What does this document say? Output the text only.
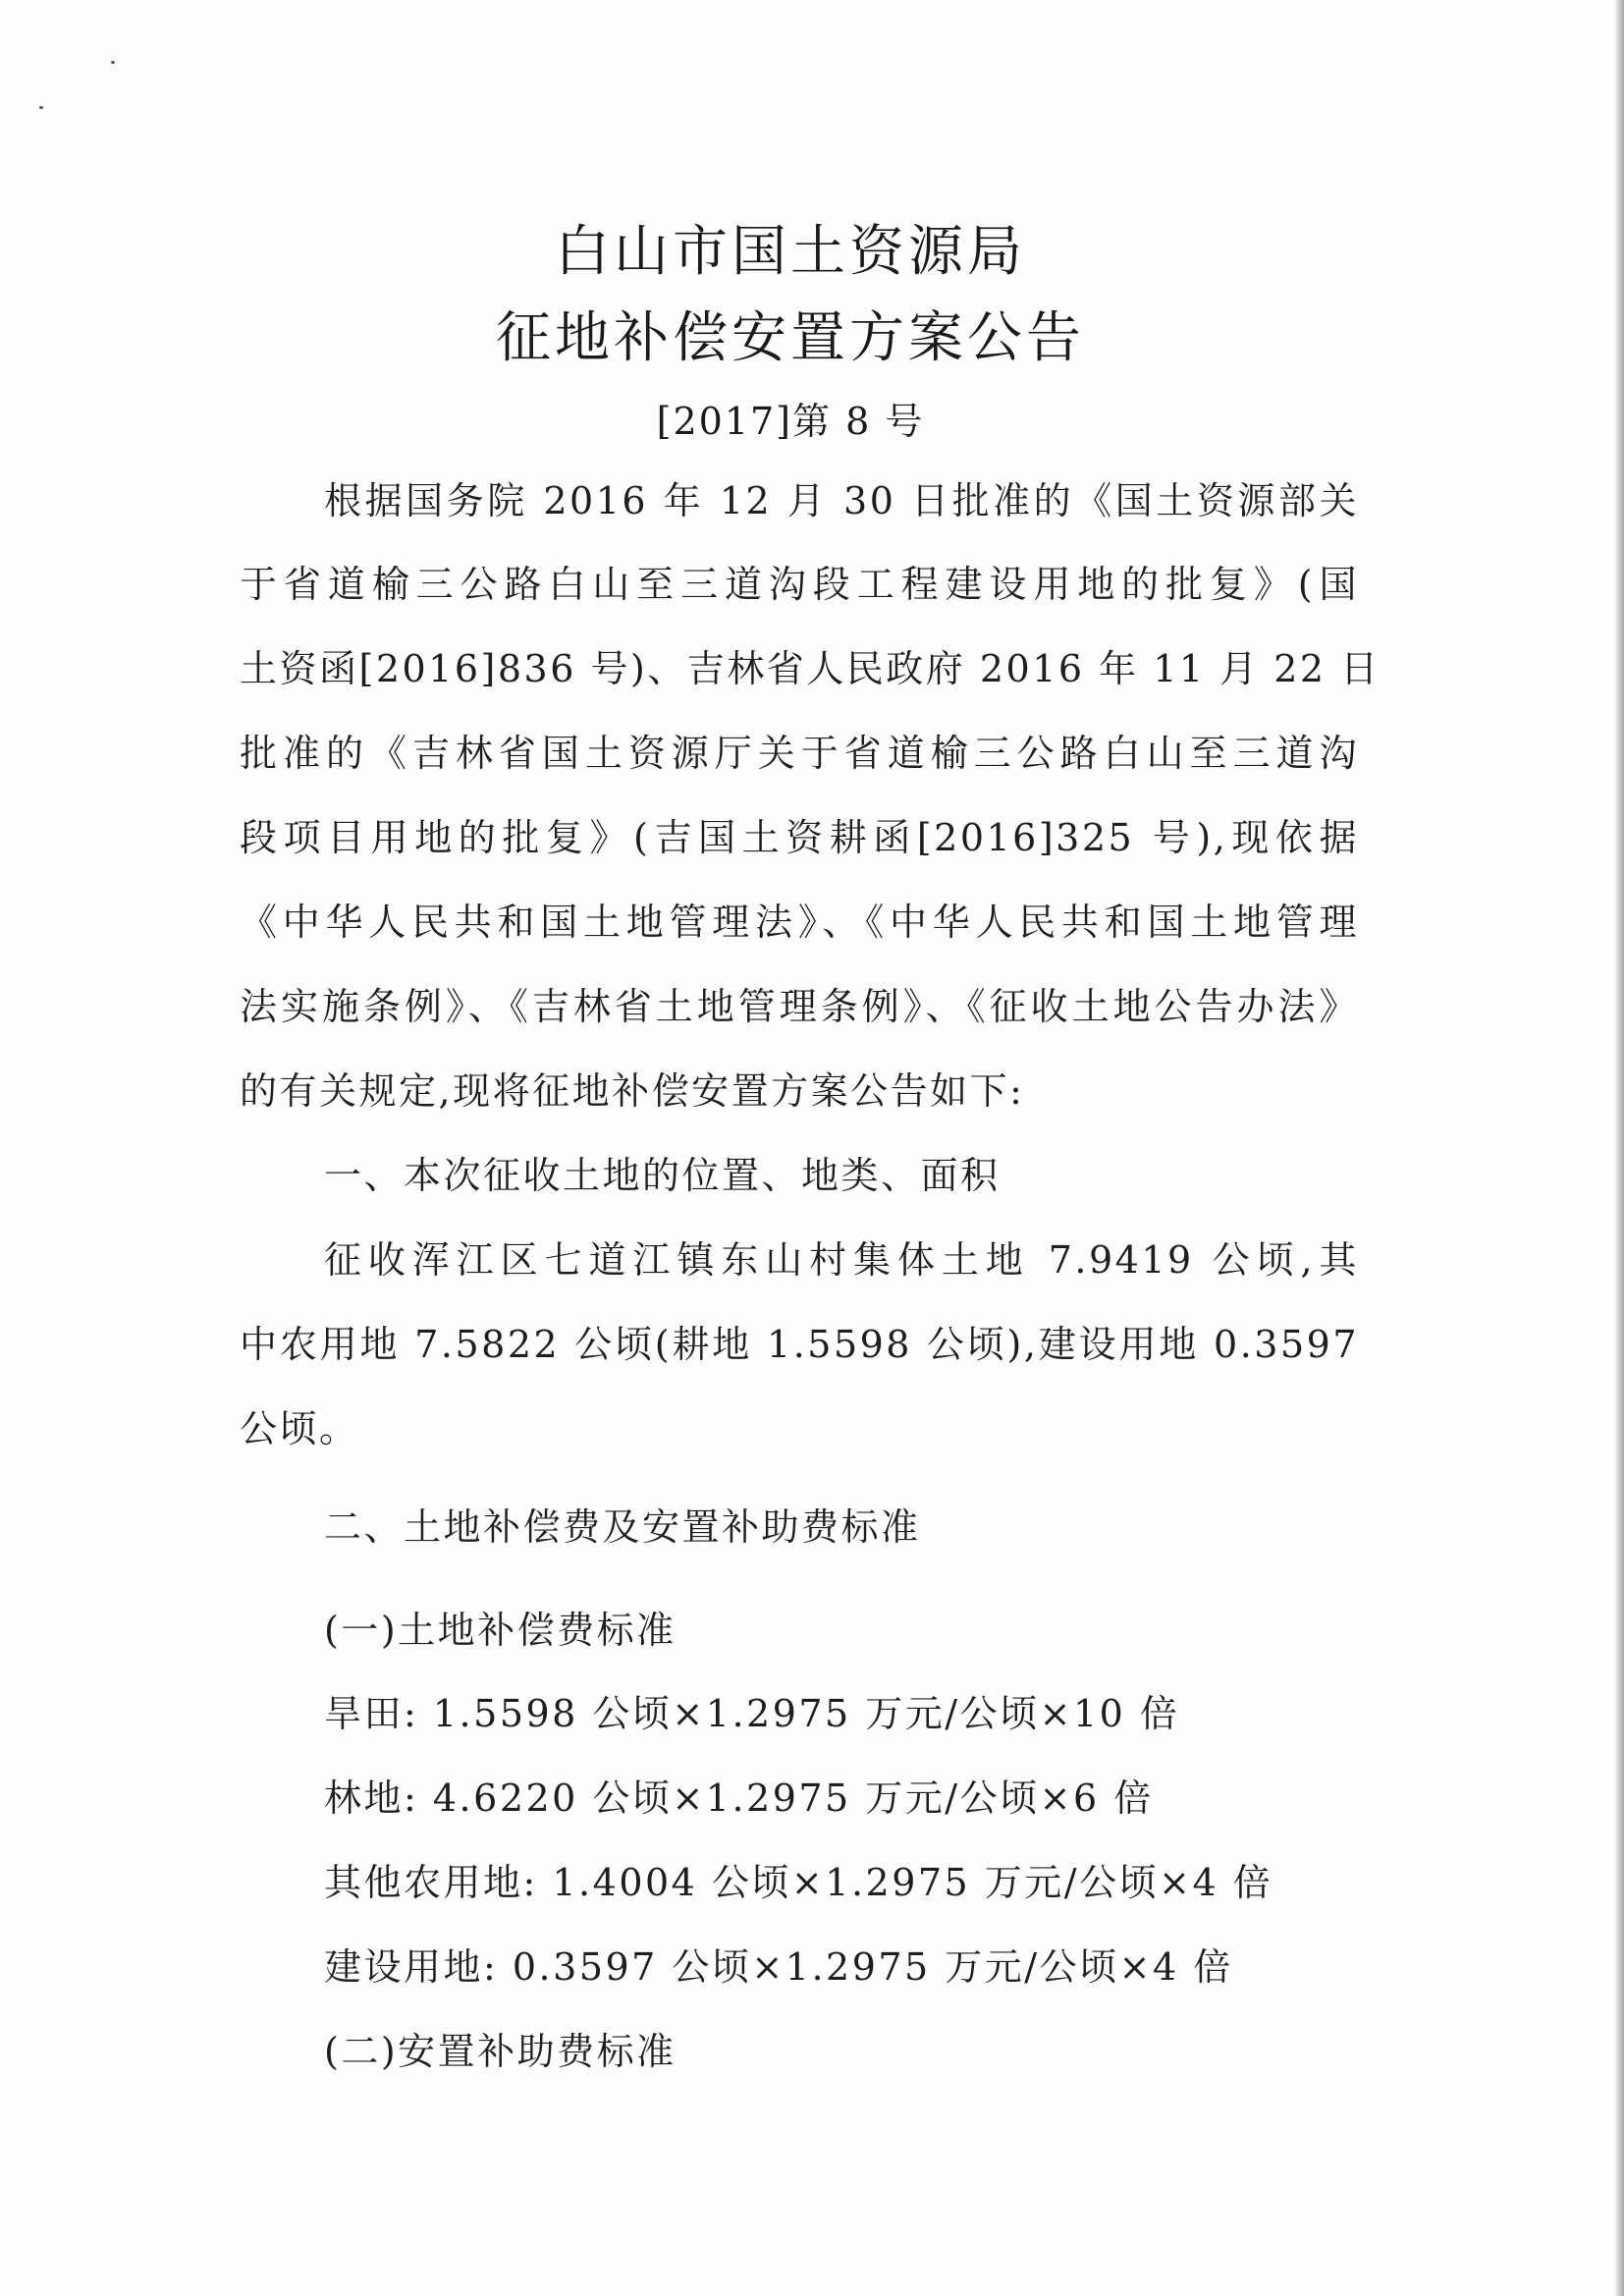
白山市国土资源局
征地补偿安置方案公告
[2017]第 8 号
根据国务院 2016 年 12 月 30 日批准的《国土资源部关
于省道榆三公路白山至三道沟段工程建设用地的批复》(国
土资函[2016]836 号)、吉林省人民政府 2016 年 11 月 22 日
批准的《吉林省国土资源厅关于省道榆三公路白山至三道沟
段项目用地的批复》(吉国土资耕函[2016]325 号),现依据
《中华人民共和国土地管理法》、《中华人民共和国土地管理
法实施条例》、《吉林省土地管理条例》、《征收土地公告办法》
的有关规定,现将征地补偿安置方案公告如下:
一、本次征收土地的位置、地类、面积
征收浑江区七道江镇东山村集体土地 7.9419 公顷,其
中农用地 7.5822 公顷(耕地 1.5598 公顷),建设用地 0.3597
公顷。
二、土地补偿费及安置补助费标准
(一)土地补偿费标准
旱田: 1.5598 公顷×1.2975 万元/公顷×10 倍
林地: 4.6220 公顷×1.2975 万元/公顷×6 倍
其他农用地: 1.4004 公顷×1.2975 万元/公顷×4 倍
建设用地: 0.3597 公顷×1.2975 万元/公顷×4 倍
(二)安置补助费标准
